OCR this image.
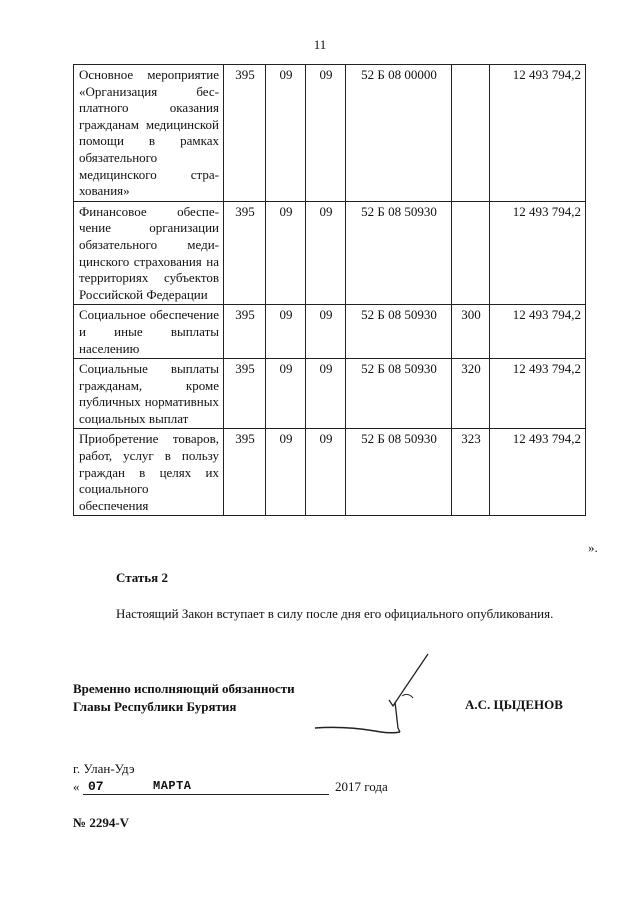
11
Основное мероприятие «Организация бесплатного оказания гражданам медицинской помощи в рамках обязательного медицинского страхования»	395	09	09	52 Б 08 00000		12 493 794,2
Финансовое обеспечение организации обязательного медицинского страхования на территориях субъектов Российской Федерации	395	09	09	52 Б 08 50930		12 493 794,2
Социальное обеспечение и иные выплаты населению	395	09	09	52 Б 08 50930	300	12 493 794,2
Социальные выплаты гражданам, кроме публичных нормативных социальных выплат	395	09	09	52 Б 08 50930	320	12 493 794,2
Приобретение товаров, работ, услуг в пользу граждан в целях их социального обеспечения	395	09	09	52 Б 08 50930	323	12 493 794,2
».
Статья 2
Настоящий Закон вступает в силу после дня его официального опубликования.
Временно исполняющий обязанности
Главы Республики Бурятия	А.С. ЦЫДЕНОВ
г. Улан-Удэ
« 07	МАРТА	2017 года
№ 2294-V
